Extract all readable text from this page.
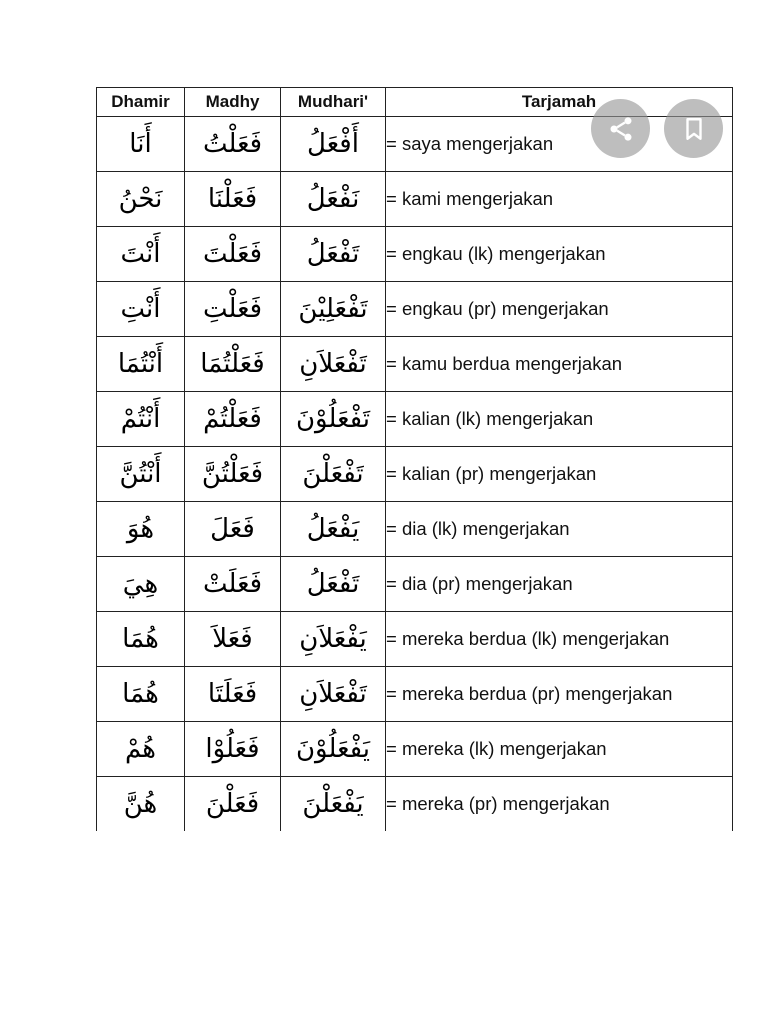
Dhamir	Madhy	Mudhari'	Tarjamah
أَنَا	فَعَلْتُ	أَفْعَلُ	= saya mengerjakan
نَحْنُ	فَعَلْنَا	نَفْعَلُ	= kami mengerjakan
أَنْتَ	فَعَلْتَ	تَفْعَلُ	= engkau (lk) mengerjakan
أَنْتِ	فَعَلْتِ	تَفْعَلِيْنَ	= engkau (pr) mengerjakan
أَنْتُمَا	فَعَلْتُمَا	تَفْعَلاَنِ	= kamu berdua mengerjakan
أَنْتُمْ	فَعَلْتُمْ	تَفْعَلُوْنَ	= kalian (lk) mengerjakan
أَنْتُنَّ	فَعَلْتُنَّ	تَفْعَلْنَ	= kalian (pr) mengerjakan
هُوَ	فَعَلَ	يَفْعَلُ	= dia (lk) mengerjakan
هِيَ	فَعَلَتْ	تَفْعَلُ	= dia (pr) mengerjakan
هُمَا	فَعَلاَ	يَفْعَلاَنِ	= mereka berdua (lk) mengerjakan
هُمَا	فَعَلَتَا	تَفْعَلاَنِ	= mereka berdua (pr) mengerjakan
هُمْ	فَعَلُوْا	يَفْعَلُوْنَ	= mereka (lk) mengerjakan
هُنَّ	فَعَلْنَ	يَفْعَلْنَ	= mereka (pr) mengerjakan
